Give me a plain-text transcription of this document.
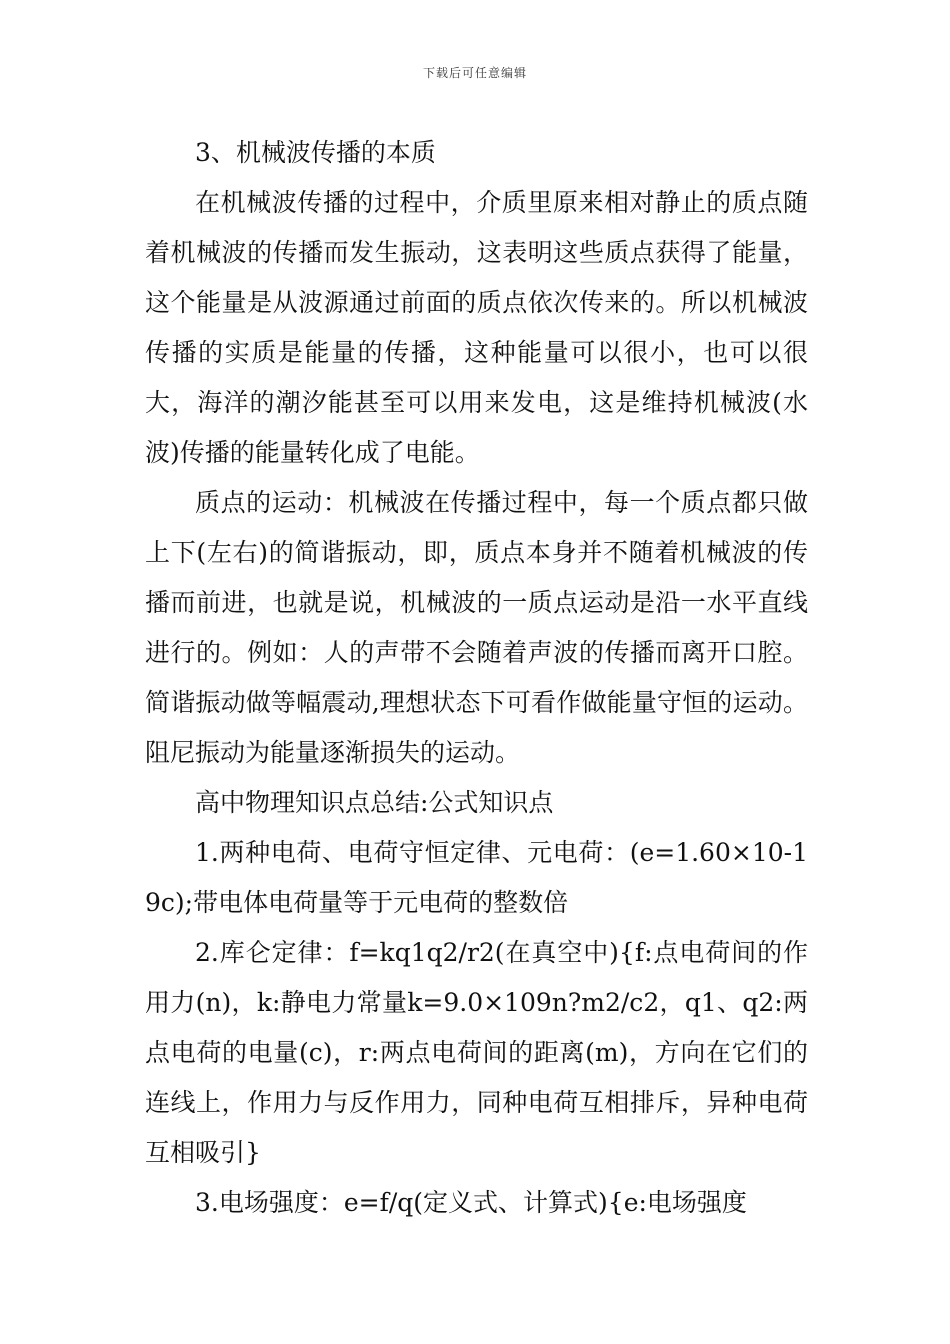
下载后可任意编辑

3、机械波传播的本质

在机械波传播的过程中，介质里原来相对静止的质点随着机械波的传播而发生振动，这表明这些质点获得了能量，这个能量是从波源通过前面的质点依次传来的。所以机械波传播的实质是能量的传播，这种能量可以很小，也可以很大，海洋的潮汐能甚至可以用来发电，这是维持机械波(水波)传播的能量转化成了电能。

质点的运动：机械波在传播过程中，每一个质点都只做上下(左右)的简谐振动，即，质点本身并不随着机械波的传播而前进，也就是说，机械波的一质点运动是沿一水平直线进行的。例如：人的声带不会随着声波的传播而离开口腔。简谐振动做等幅震动,理想状态下可看作做能量守恒的运动。阻尼振动为能量逐渐损失的运动。

高中物理知识点总结:公式知识点

1.两种电荷、电荷守恒定律、元电荷：(e=1.60×10-19c);带电体电荷量等于元电荷的整数倍

2.库仑定律：f=kq1q2/r2(在真空中){f:点电荷间的作用力(n)，k:静电力常量k=9.0×109n?m2/c2，q1、q2:两点电荷的电量(c)，r:两点电荷间的距离(m)，方向在它们的连线上，作用力与反作用力，同种电荷互相排斥，异种电荷互相吸引}

3.电场强度：e=f/q(定义式、计算式){e:电场强度
